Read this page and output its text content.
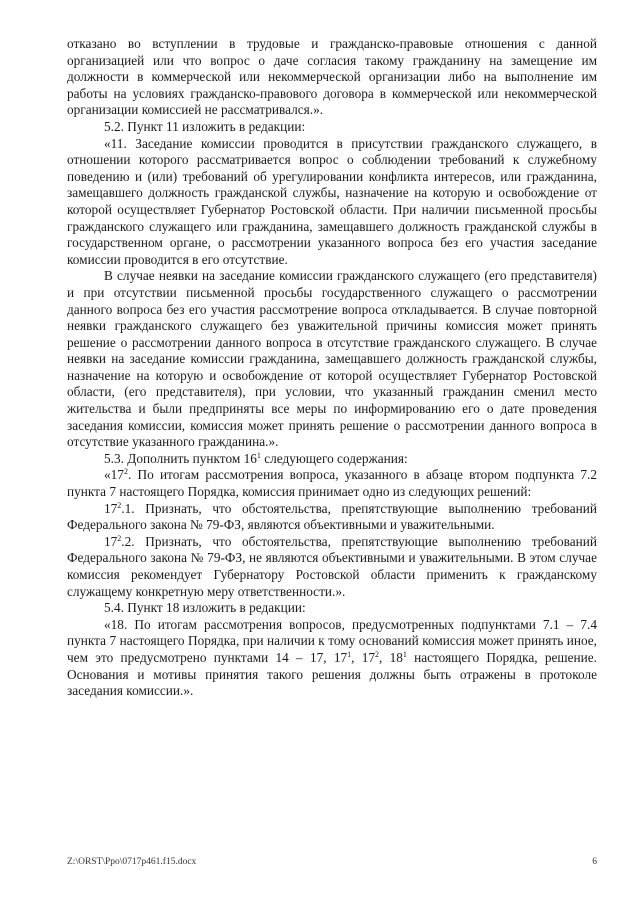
отказано во вступлении в трудовые и гражданско-правовые отношения с данной организацией или что вопрос о даче согласия такому гражданину на замещение им должности в коммерческой или некоммерческой организации либо на выполнение им работы на условиях гражданско-правового договора в коммерческой или некоммерческой организации комиссией не рассматривался.».

5.2. Пункт 11 изложить в редакции:

«11. Заседание комиссии проводится в присутствии гражданского служащего, в отношении которого рассматривается вопрос о соблюдении требований к служебному поведению и (или) требований об урегулировании конфликта интересов, или гражданина, замещавшего должность гражданской службы, назначение на которую и освобождение от которой осуществляет Губернатор Ростовской области. При наличии письменной просьбы гражданского служащего или гражданина, замещавшего должность гражданской службы в государственном органе, о рассмотрении указанного вопроса без его участия заседание комиссии проводится в его отсутствие.

В случае неявки на заседание комиссии гражданского служащего (его представителя) и при отсутствии письменной просьбы государственного служащего о рассмотрении данного вопроса без его участия рассмотрение вопроса откладывается. В случае повторной неявки гражданского служащего без уважительной причины комиссия может принять решение о рассмотрении данного вопроса в отсутствие гражданского служащего. В случае неявки на заседание комиссии гражданина, замещавшего должность гражданской службы, назначение на которую и освобождение от которой осуществляет Губернатор Ростовской области, (его представителя), при условии, что указанный гражданин сменил место жительства и были предприняты все меры по информированию его о дате проведения заседания комиссии, комиссия может принять решение о рассмотрении данного вопроса в отсутствие указанного гражданина.».

5.3. Дополнить пунктом $16^1$ следующего содержания:

«$17^2$. По итогам рассмотрения вопроса, указанного в абзаце втором подпункта 7.2 пункта 7 настоящего Порядка, комиссия принимает одно из следующих решений:

$17^2.1$. Признать, что обстоятельства, препятствующие выполнению требований Федерального закона № 79-ФЗ, являются объективными и уважительными.

$17^2.2$. Признать, что обстоятельства, препятствующие выполнению требований Федерального закона № 79-ФЗ, не являются объективными и уважительными. В этом случае комиссия рекомендует Губернатору Ростовской области применить к гражданскому служащему конкретную меру ответственности.».

5.4. Пункт 18 изложить в редакции:

«18. По итогам рассмотрения вопросов, предусмотренных подпунктами 7.1 – 7.4 пункта 7 настоящего Порядка, при наличии к тому оснований комиссия может принять иное, чем это предусмотрено пунктами 14 – 17, $17^1$, $17^2$, $18^1$ настоящего Порядка, решение. Основания и мотивы принятия такого решения должны быть отражены в протоколе заседания комиссии.».

Z:\ORST\Ppo\0717p461.f15.docx	6
